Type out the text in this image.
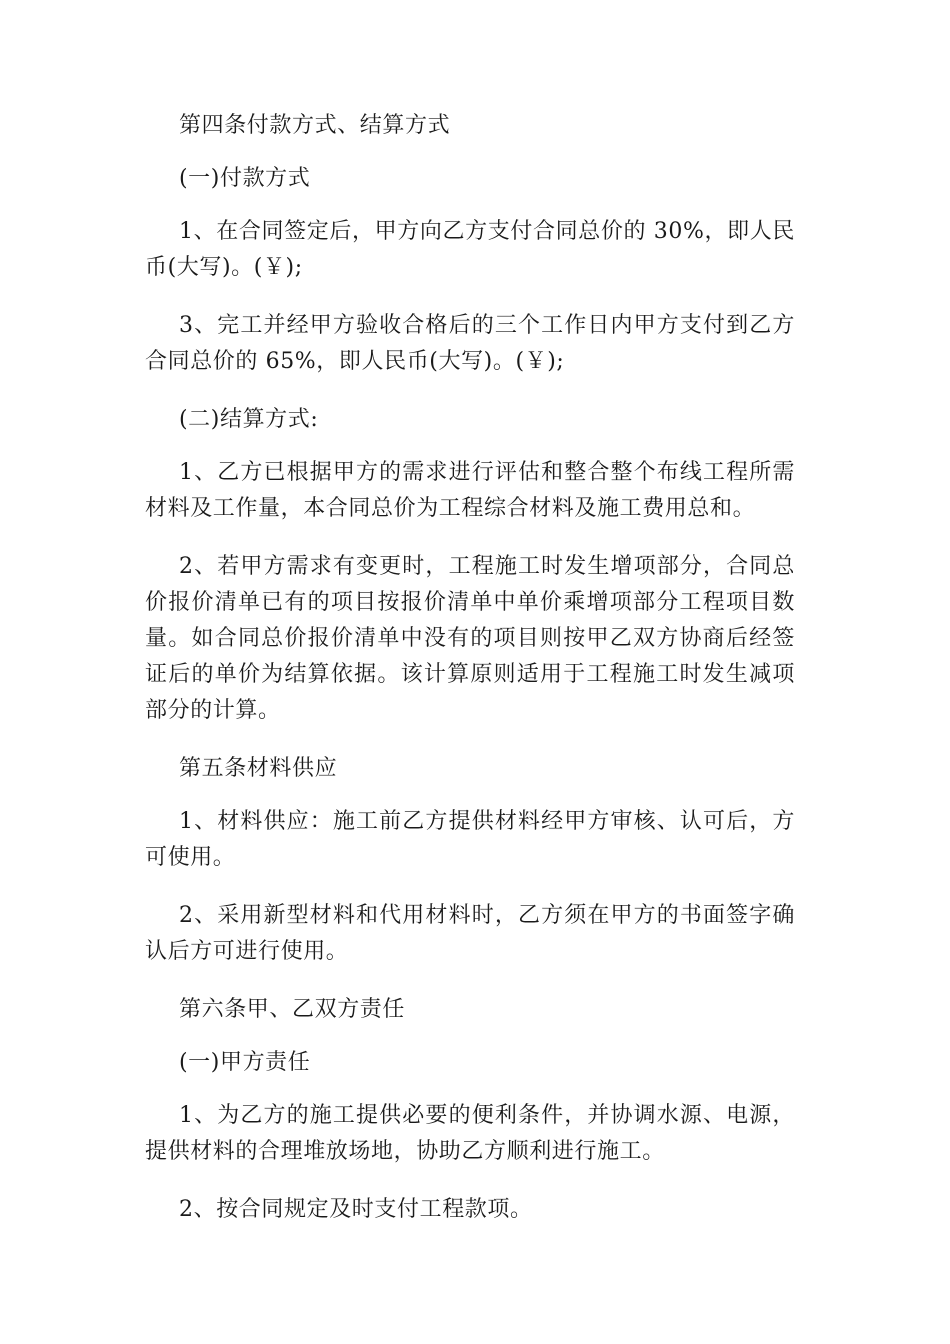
第四条付款方式、结算方式

(一)付款方式

1、在合同签定后，甲方向乙方支付合同总价的 30%，即人民币(大写)。(￥);

3、完工并经甲方验收合格后的三个工作日内甲方支付到乙方合同总价的 65%，即人民币(大写)。(￥);

(二)结算方式:

1、乙方已根据甲方的需求进行评估和整合整个布线工程所需材料及工作量，本合同总价为工程综合材料及施工费用总和。

2、若甲方需求有变更时，工程施工时发生增项部分，合同总价报价清单已有的项目按报价清单中单价乘增项部分工程项目数量。如合同总价报价清单中没有的项目则按甲乙双方协商后经签证后的单价为结算依据。该计算原则适用于工程施工时发生减项部分的计算。

第五条材料供应

1、材料供应：施工前乙方提供材料经甲方审核、认可后，方可使用。

2、采用新型材料和代用材料时，乙方须在甲方的书面签字确认后方可进行使用。

第六条甲、乙双方责任

(一)甲方责任

1、为乙方的施工提供必要的便利条件，并协调水源、电源，提供材料的合理堆放场地，协助乙方顺利进行施工。

2、按合同规定及时支付工程款项。
